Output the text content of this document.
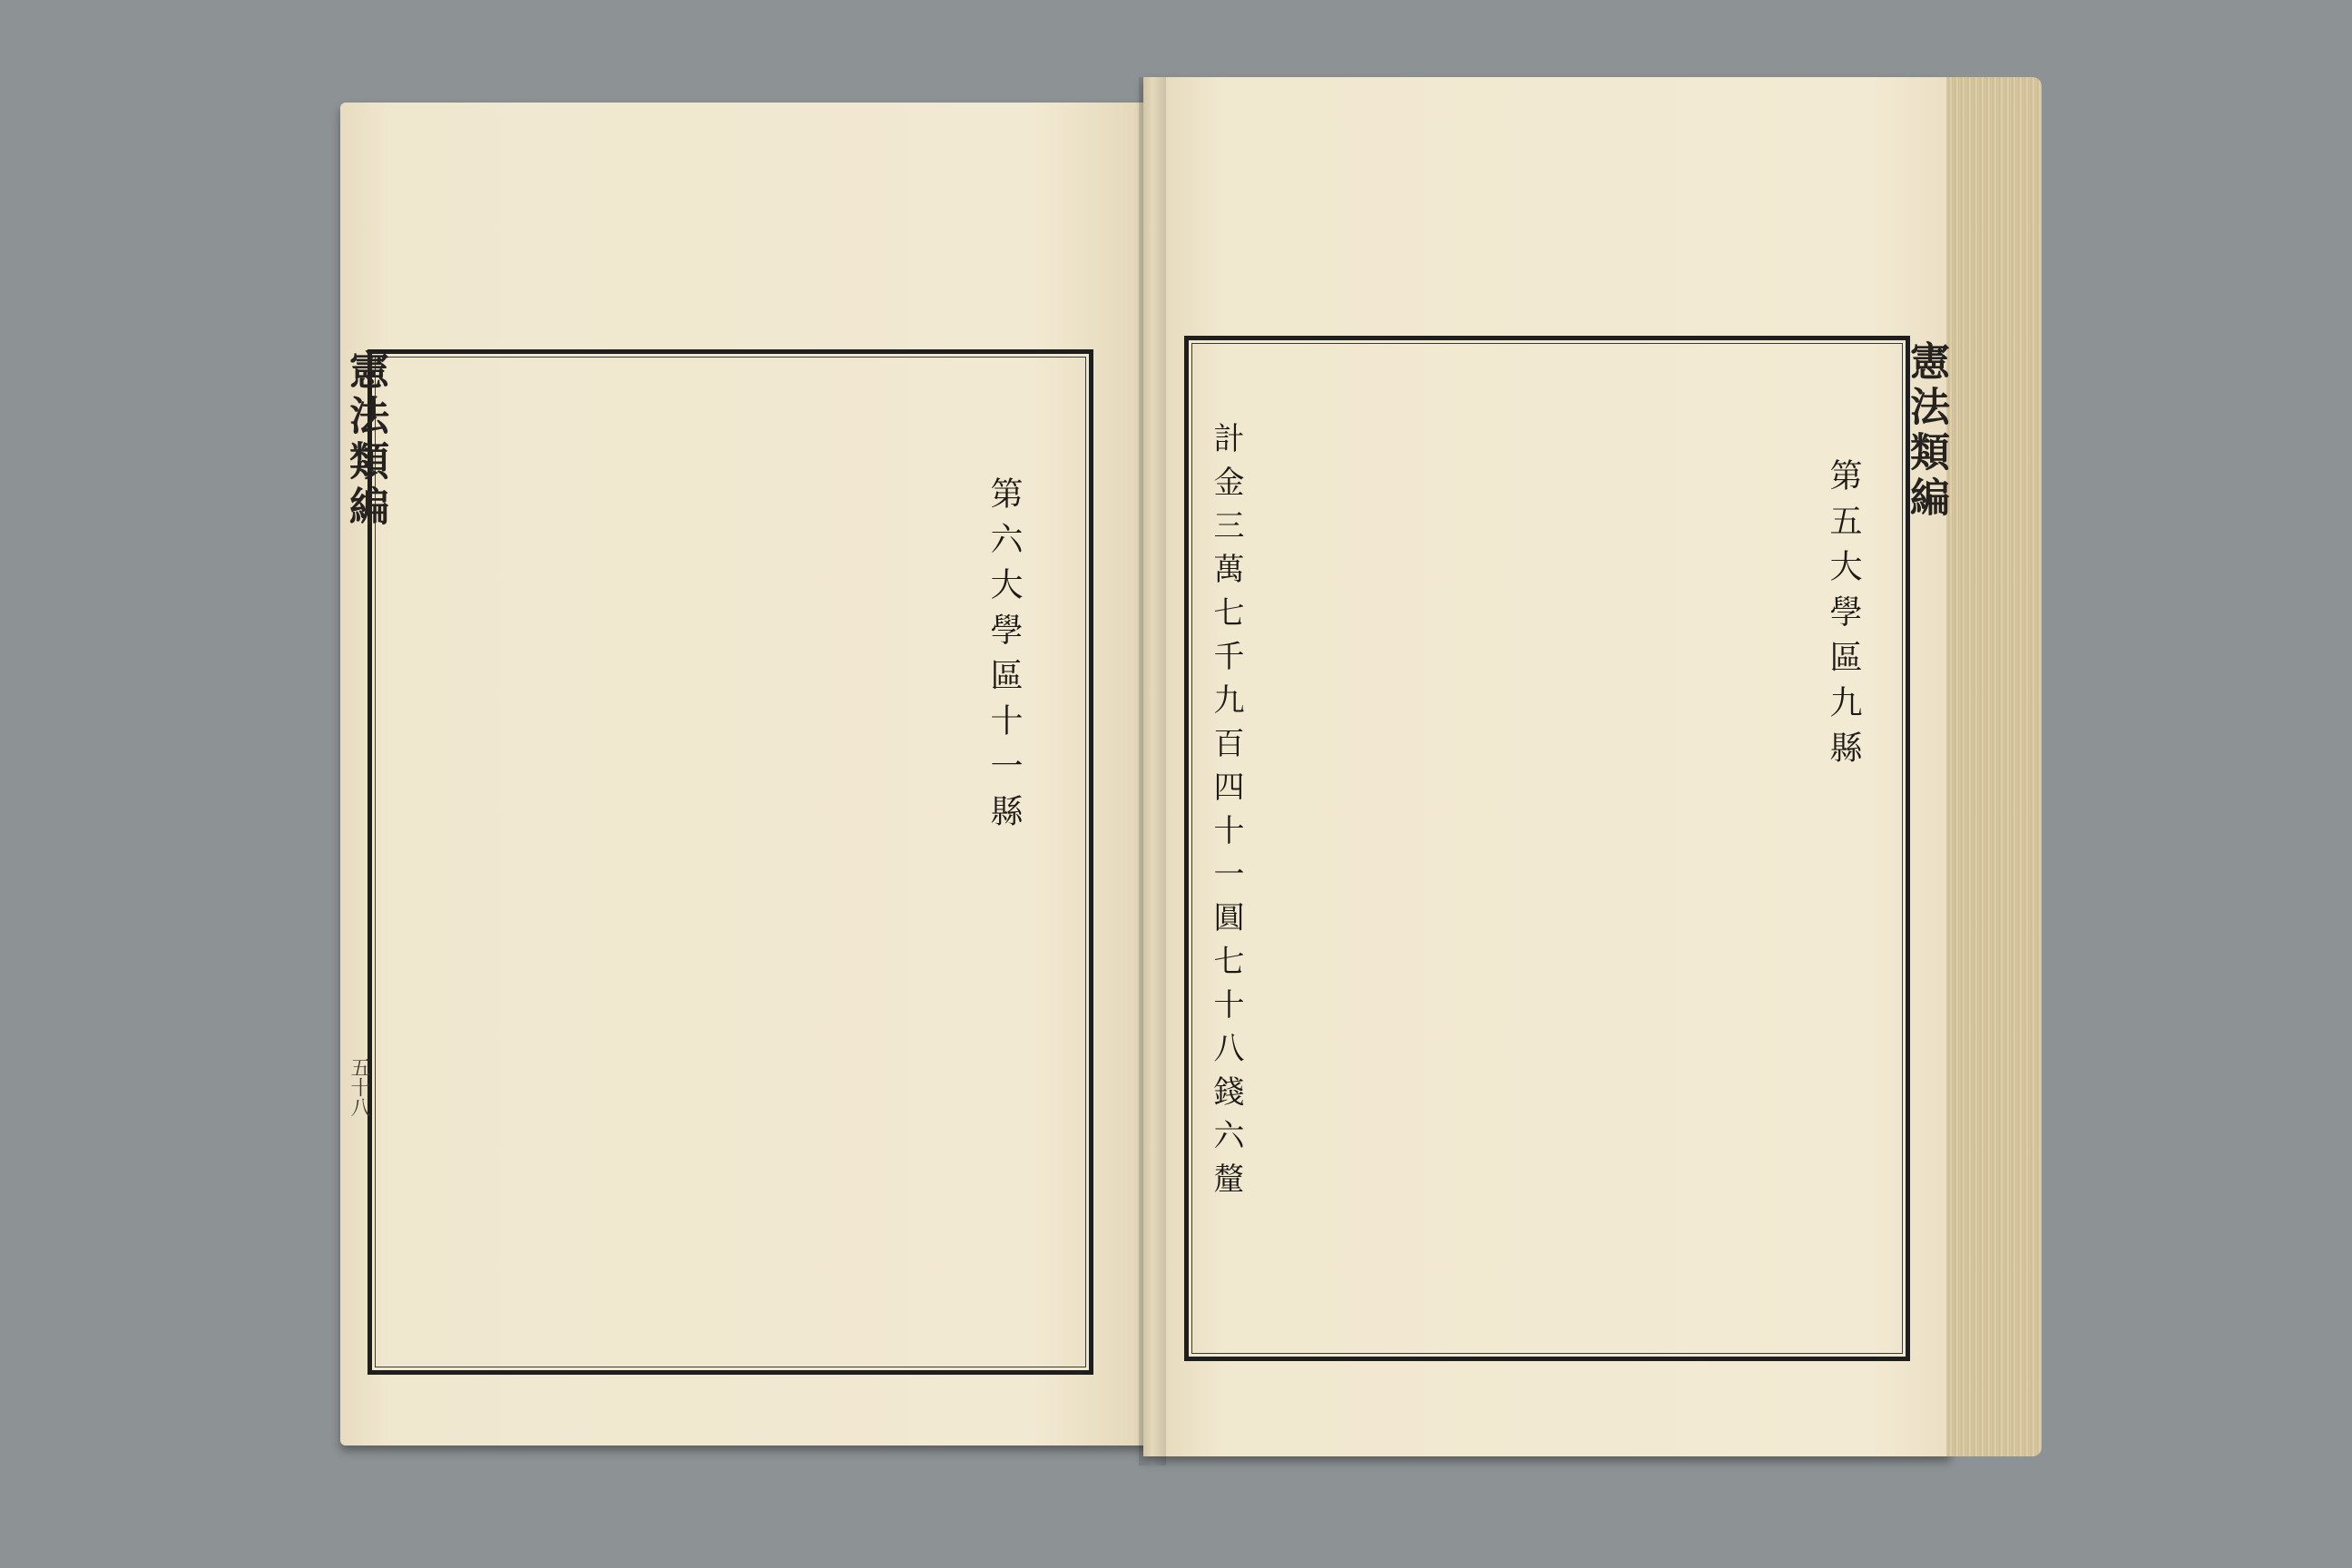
憲法類編
五十八
第六大學區十一縣
憲法類編
第五大學區九縣
計金三萬七千九百四十一圓七十八錢六釐
